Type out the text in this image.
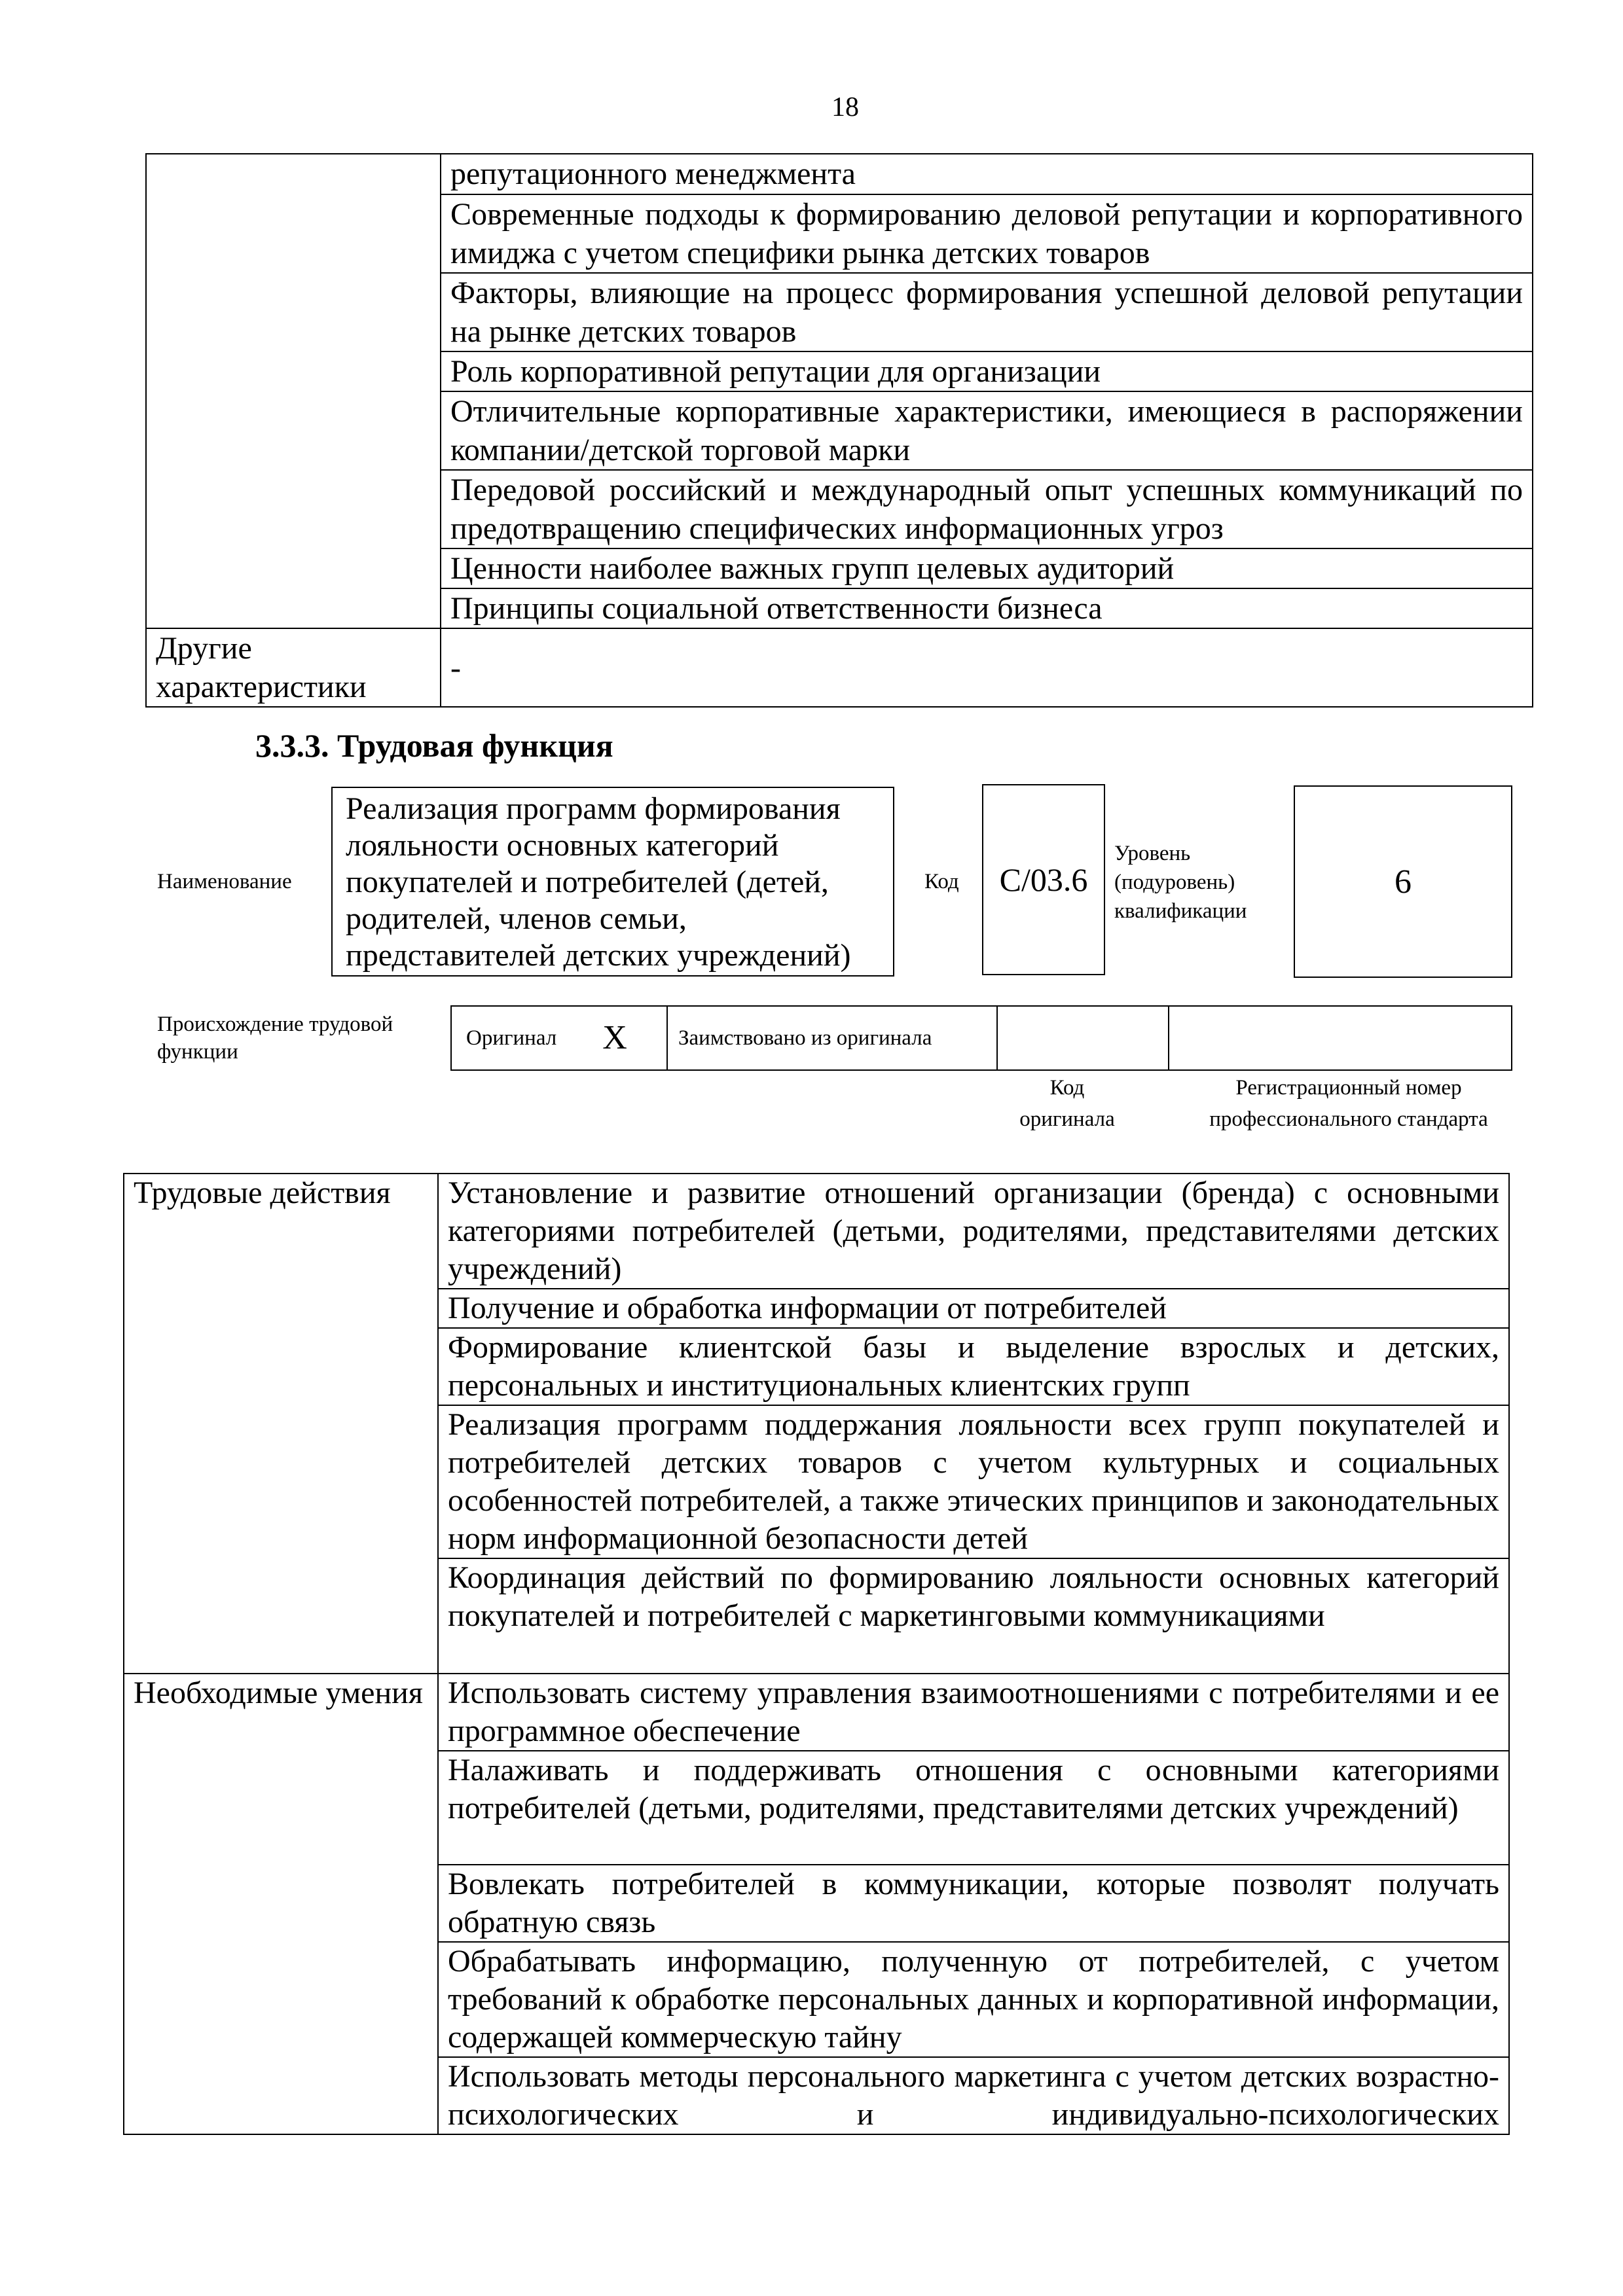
18
	репутационного менеджмента
	Современные подходы к формированию деловой репутации и корпоративного имиджа с учетом специфики рынка детских товаров
	Факторы, влияющие на процесс формирования успешной деловой репутации на рынке детских товаров
	Роль корпоративной репутации для организации
	Отличительные корпоративные характеристики, имеющиеся в распоряжении компании/детской торговой марки
	Передовой российский и международный опыт успешных коммуникаций по предотвращению специфических информационных угроз
	Ценности наиболее важных групп целевых аудиторий
	Принципы социальной ответственности бизнеса
Другие характеристики	-
3.3.3. Трудовая функция
Наименование
Реализация программ формирования лояльности основных категорий покупателей и потребителей (детей, родителей, членов семьи, представителей детских учреждений)
Код	C/03.6
Уровень (подуровень) квалификации
6
Происхождение трудовой функции
Оригинал X	Заимствовано из оригинала
Код оригинала
Регистрационный номер профессионального стандарта
Трудовые действия	Установление и развитие отношений организации (бренда) с основными категориями потребителей (детьми, родителями, представителями детских учреждений)
	Получение и обработка информации от потребителей
	Формирование клиентской базы и выделение взрослых и детских, персональных и институциональных клиентских групп
	Реализация программ поддержания лояльности всех групп покупателей и потребителей детских товаров с учетом культурных и социальных особенностей потребителей, а также этических принципов и законодательных норм информационной безопасности детей
	Координация действий по формированию лояльности основных категорий покупателей и потребителей с маркетинговыми коммуникациями
Необходимые умения	Использовать систему управления взаимоотношениями с потребителями и ее программное обеспечение
	Налаживать и поддерживать отношения с основными категориями потребителей (детьми, родителями, представителями детских учреждений)
	Вовлекать потребителей в коммуникации, которые позволят получать обратную связь
	Обрабатывать информацию, полученную от потребителей, с учетом требований к обработке персональных данных и корпоративной информации, содержащей коммерческую тайну
	Использовать методы персонального маркетинга с учетом детских возрастно-психологических и индивидуально-психологических
